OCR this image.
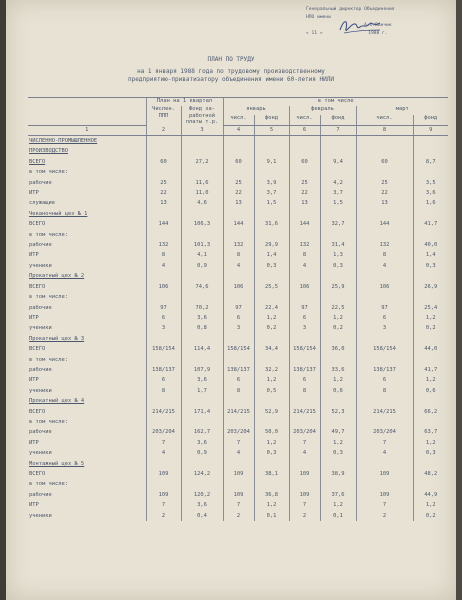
Генеральный директор Объединения
НПО имени
А.С.Ванчик
« 11 »	1988 г.
ПЛАН ПО ТРУДУ
на 1 января 1988 года по трудовому производственному
предприятию-приватизатору объединения имени 60-летия НИЛИ
	План на 1 квартал		в том числе					
	Числен. ППП	Фонд за- работной платы т.р.	январь		февраль		март	
			числ.	фонд	числ.	фонд	числ.	фонд
1	2	3	4	5	6	7	8	9
ЧИСЛЕННО-ПРОМЫШЛЕННОЕ								
ПРОИЗВОДСТВО								
ВСЕГО	60	27,2	60	9,1	60	9,4	60	8,7
в том числе:								
рабочие	25	11,6	25	3,9	25	4,2	25	3,5
ИТР	22	11,0	22	3,7	22	3,7	22	3,6
служащие	13	4,6	13	1,5	13	1,5	13	1,6
Чеканочный цех № 1								
ВСЕГО	144	106,3	144	31,6	144	32,7	144	41,7
в том числе:								
рабочие	132	101,3	132	29,9	132	31,4	132	40,0
ИТР	8	4,1	8	1,4	8	1,3	8	1,4
ученики	4	0,9	4	0,3	4	0,3	4	0,3
Прокатный цех № 2								
ВСЕГО	106	74,6	106	25,5	106	25,9	106	26,9
в том числе:								
рабочие	97	70,2	97	22,4	97	22,5	97	25,4
ИТР	6	3,6	6	1,2	6	1,2	6	1,2
ученики	3	0,8	3	0,2	3	0,2	3	0,2
Прокатный цех № 3								
ВСЕГО	158/154	114,4	158/154	34,4	158/154	36,0	158/154	44,0
в том числе:								
рабочие	138/137	107,9	138/137	32,2	138/137	33,6	138/137	41,7
ИТР	6	3,6	6	1,2	6	1,2	6	1,2
ученики	8	1,7	8	0,5	8	0,6	8	0,6
Прокатный цех № 4								
ВСЕГО	214/215	171,4	214/215	52,9	214/215	52,3	214/215	66,2
в том числе:								
рабочие	203/204	162,7	203/204	50,0	203/204	49,7	203/204	63,7
ИТР	7	3,6	7	1,2	7	1,2	7	1,2
ученики	4	0,9	4	0,3	4	0,3	4	0,3
Монтажный цех № 5								
ВСЕГО	109	124,2	109	38,1	109	38,9	109	48,2
в том числе:								
рабочие	109	120,2	109	36,8	109	37,6	109	44,9
ИТР	7	3,6	7	1,2	7	1,2	7	1,2
ученики	2	0,4	2	0,1	2	0,1	2	0,2
